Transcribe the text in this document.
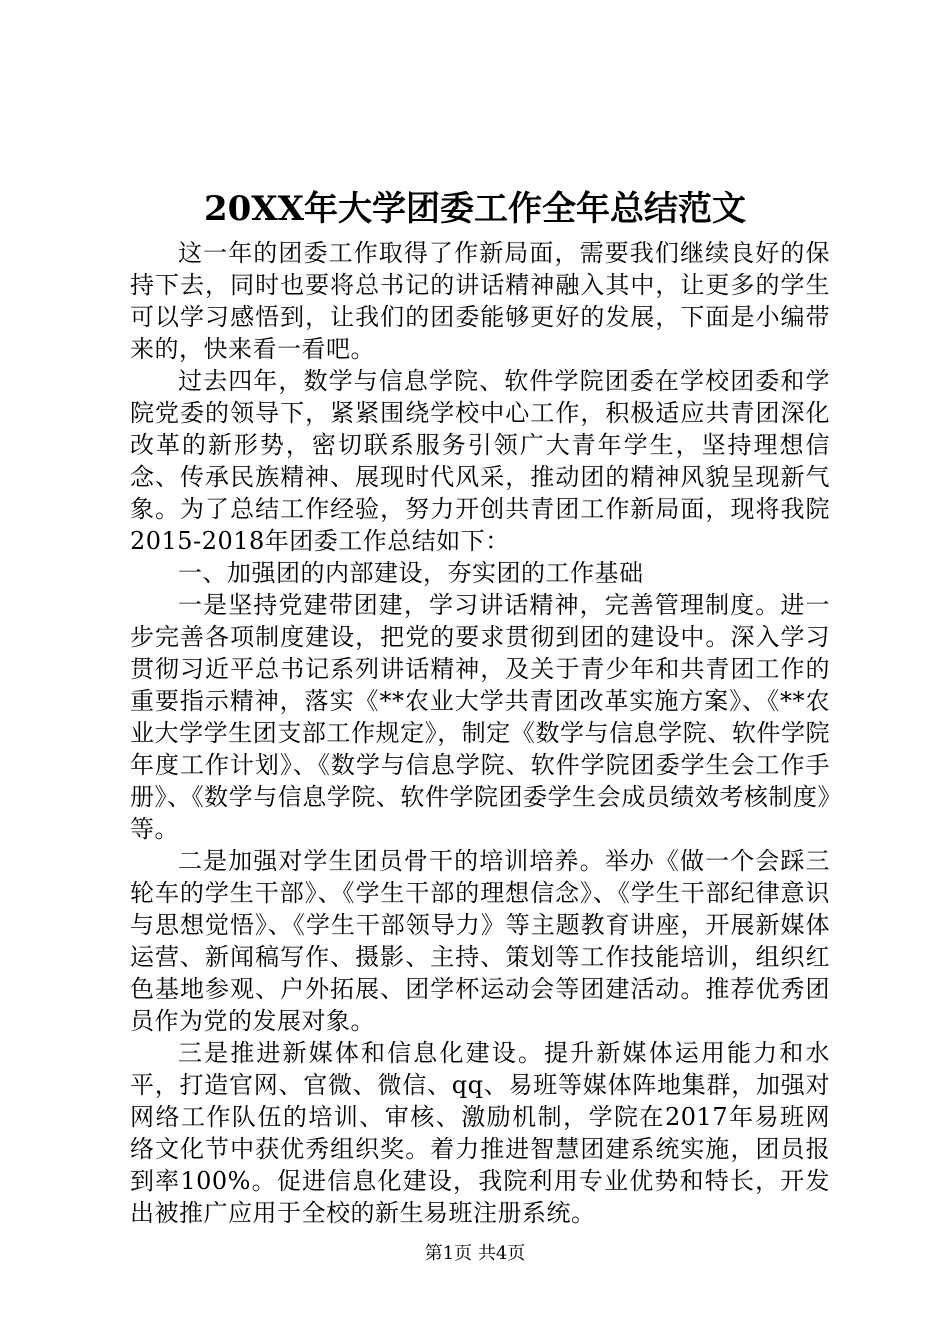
20XX年大学团委工作全年总结范文

这一年的团委工作取得了作新局面，需要我们继续良好的保持下去，同时也要将总书记的讲话精神融入其中，让更多的学生可以学习感悟到，让我们的团委能够更好的发展，下面是小编带来的，快来看一看吧。

过去四年，数学与信息学院、软件学院团委在学校团委和学院党委的领导下，紧紧围绕学校中心工作，积极适应共青团深化改革的新形势，密切联系服务引领广大青年学生，坚持理想信念、传承民族精神、展现时代风采，推动团的精神风貌呈现新气象。为了总结工作经验，努力开创共青团工作新局面，现将我院2015-2018年团委工作总结如下：

一、加强团的内部建设，夯实团的工作基础

一是坚持党建带团建，学习讲话精神，完善管理制度。进一步完善各项制度建设，把党的要求贯彻到团的建设中。深入学习贯彻习近平总书记系列讲话精神，及关于青少年和共青团工作的重要指示精神，落实《**农业大学共青团改革实施方案》、《**农业大学学生团支部工作规定》，制定《数学与信息学院、软件学院年度工作计划》、《数学与信息学院、软件学院团委学生会工作手册》、《数学与信息学院、软件学院团委学生会成员绩效考核制度》等。

二是加强对学生团员骨干的培训培养。举办《做一个会踩三轮车的学生干部》、《学生干部的理想信念》、《学生干部纪律意识与思想觉悟》、《学生干部领导力》等主题教育讲座，开展新媒体运营、新闻稿写作、摄影、主持、策划等工作技能培训，组织红色基地参观、户外拓展、团学杯运动会等团建活动。推荐优秀团员作为党的发展对象。

三是推进新媒体和信息化建设。提升新媒体运用能力和水平，打造官网、官微、微信、qq、易班等媒体阵地集群，加强对网络工作队伍的培训、审核、激励机制，学院在2017年易班网络文化节中获优秀组织奖。着力推进智慧团建系统实施，团员报到率100%。促进信息化建设，我院利用专业优势和特长，开发出被推广应用于全校的新生易班注册系统。

第1页 共4页
